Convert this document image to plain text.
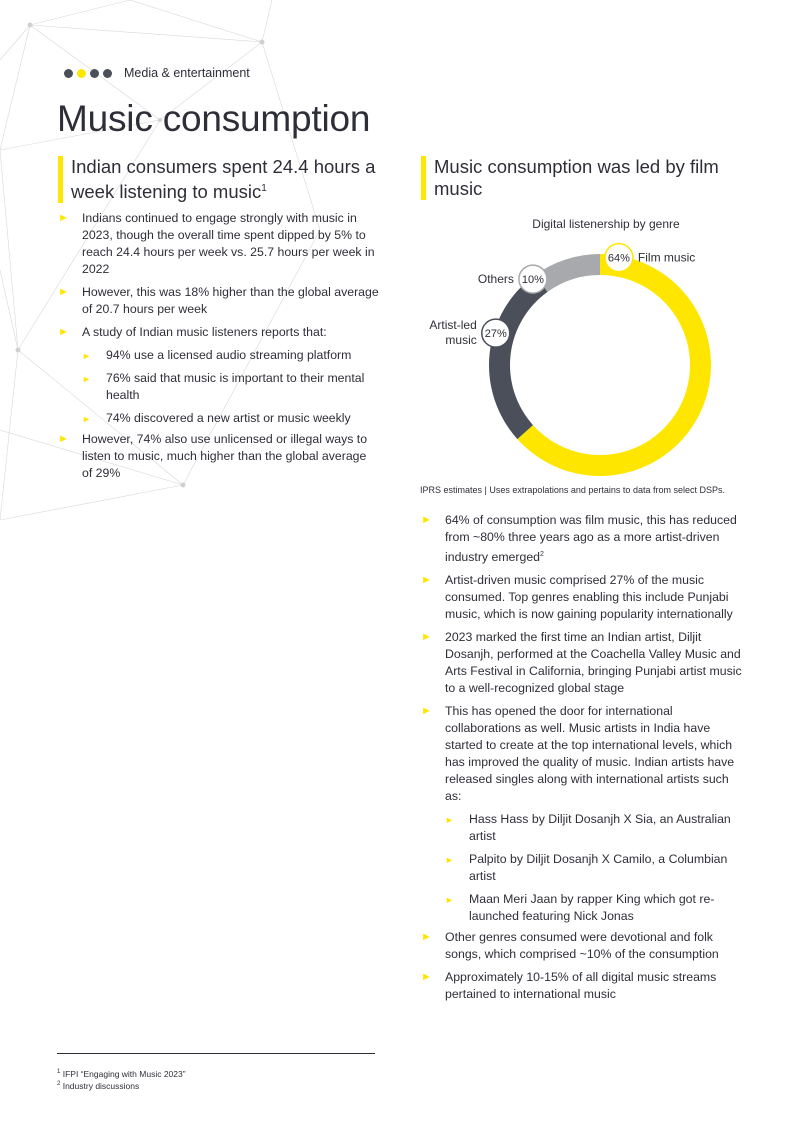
Media & entertainment
Music consumption
Indian consumers spent 24.4 hours a week listening to music$^1$
► Indians continued to engage strongly with music in 2023, though the overall time spent dipped by 5% to reach 24.4 hours per week vs. 25.7 hours per week in 2022
► However, this was 18% higher than the global average of 20.7 hours per week
► A study of Indian music listeners reports that:
► 94% use a licensed audio streaming platform
► 76% said that music is important to their mental health
► 74% discovered a new artist or music weekly
► However, 74% also use unlicensed or illegal ways to listen to music, much higher than the global average of 29%
Music consumption was led by film music
Digital listenership by genre
64% Film music
27%
Artist-led
music
10%
Others
IPRS estimates | Uses extrapolations and pertains to data from select DSPs.
► 64% of consumption was film music, this has reduced from ~80% three years ago as a more artist-driven industry emerged$^2$
► Artist-driven music comprised 27% of the music consumed. Top genres enabling this include Punjabi music, which is now gaining popularity internationally
► 2023 marked the first time an Indian artist, Diljit Dosanjh, performed at the Coachella Valley Music and Arts Festival in California, bringing Punjabi artist music to a well-recognized global stage
► This has opened the door for international collaborations as well. Music artists in India have started to create at the top international levels, which has improved the quality of music. Indian artists have released singles along with international artists such as:
► Hass Hass by Diljit Dosanjh X Sia, an Australian artist
► Palpito by Diljit Dosanjh X Camilo, a Columbian artist
► Maan Meri Jaan by rapper King which got re-launched featuring Nick Jonas
► Other genres consumed were devotional and folk songs, which comprised ~10% of the consumption
► Approximately 10-15% of all digital music streams pertained to international music
$^1$ IFPI “Engaging with Music 2023”
$^2$ Industry discussions
